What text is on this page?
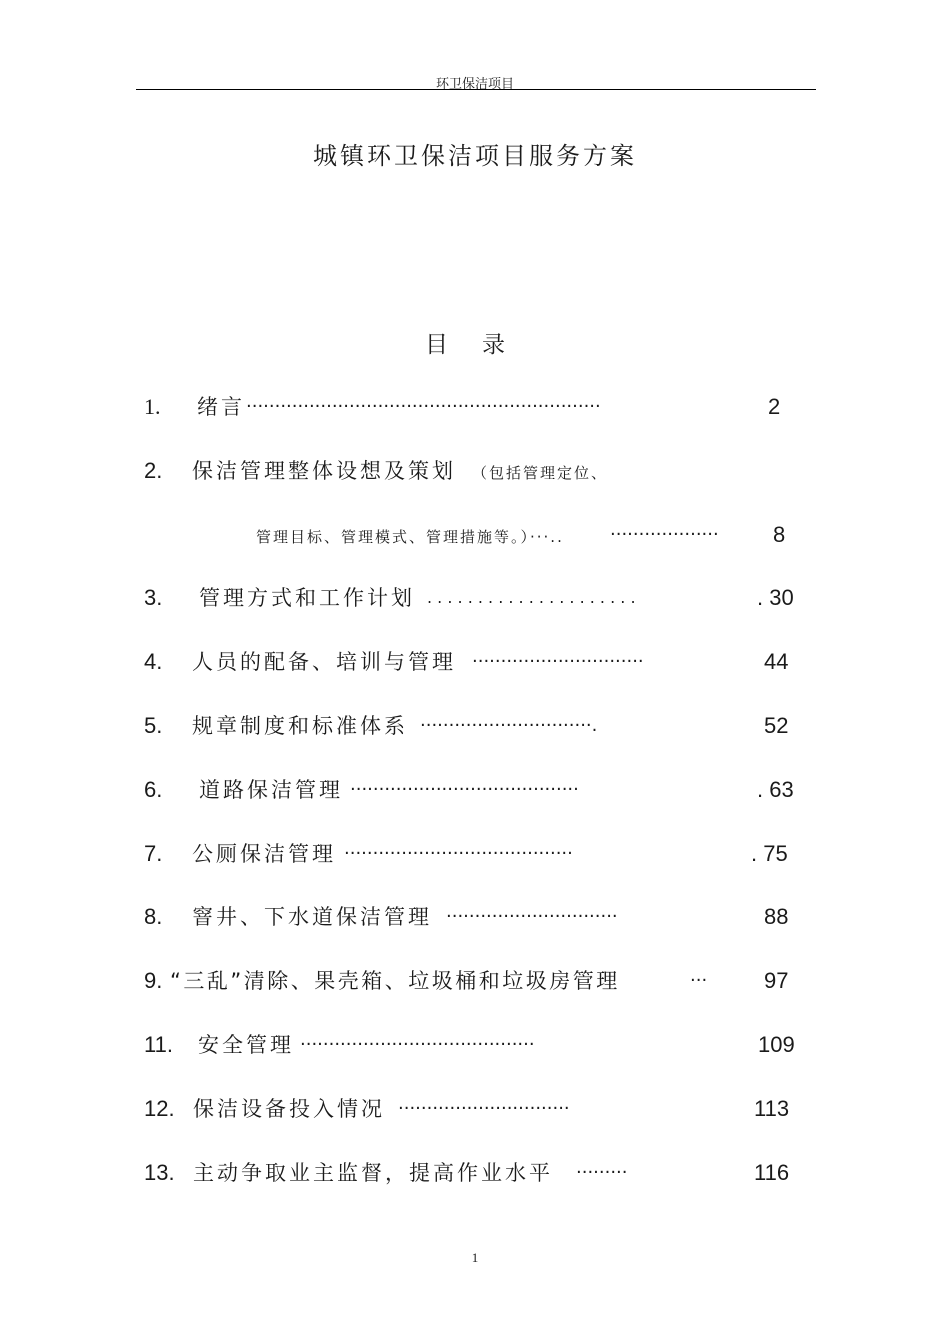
环卫保洁项目
城镇环卫保洁项目服务方案
目 录
1. 绪言 ······························································	2
2. 保洁管理整体设想及策划 （包括管理定位、
管理目标、管理模式、管理措施等。）···..	···················	8
3. 管理方式和工作计划 . . . . . . . . . . . . . . . . . . . . .	. 30
4. 人员的配备、培训与管理 ······························	44
5. 规章制度和标准体系 ······························.	52
6. 道路保洁管理 ········································	. 63
7. 公厕保洁管理 ········································	. 75
8. 窨井、下水道保洁管理 ······························	88
9. “三乱”清除、果壳箱、垃圾桶和垃圾房管理	···	97
11. 安全管理 ·········································	109
12. 保洁设备投入情况 ······························	113
13. 主动争取业主监督，提高作业水平 ·········	116
1
